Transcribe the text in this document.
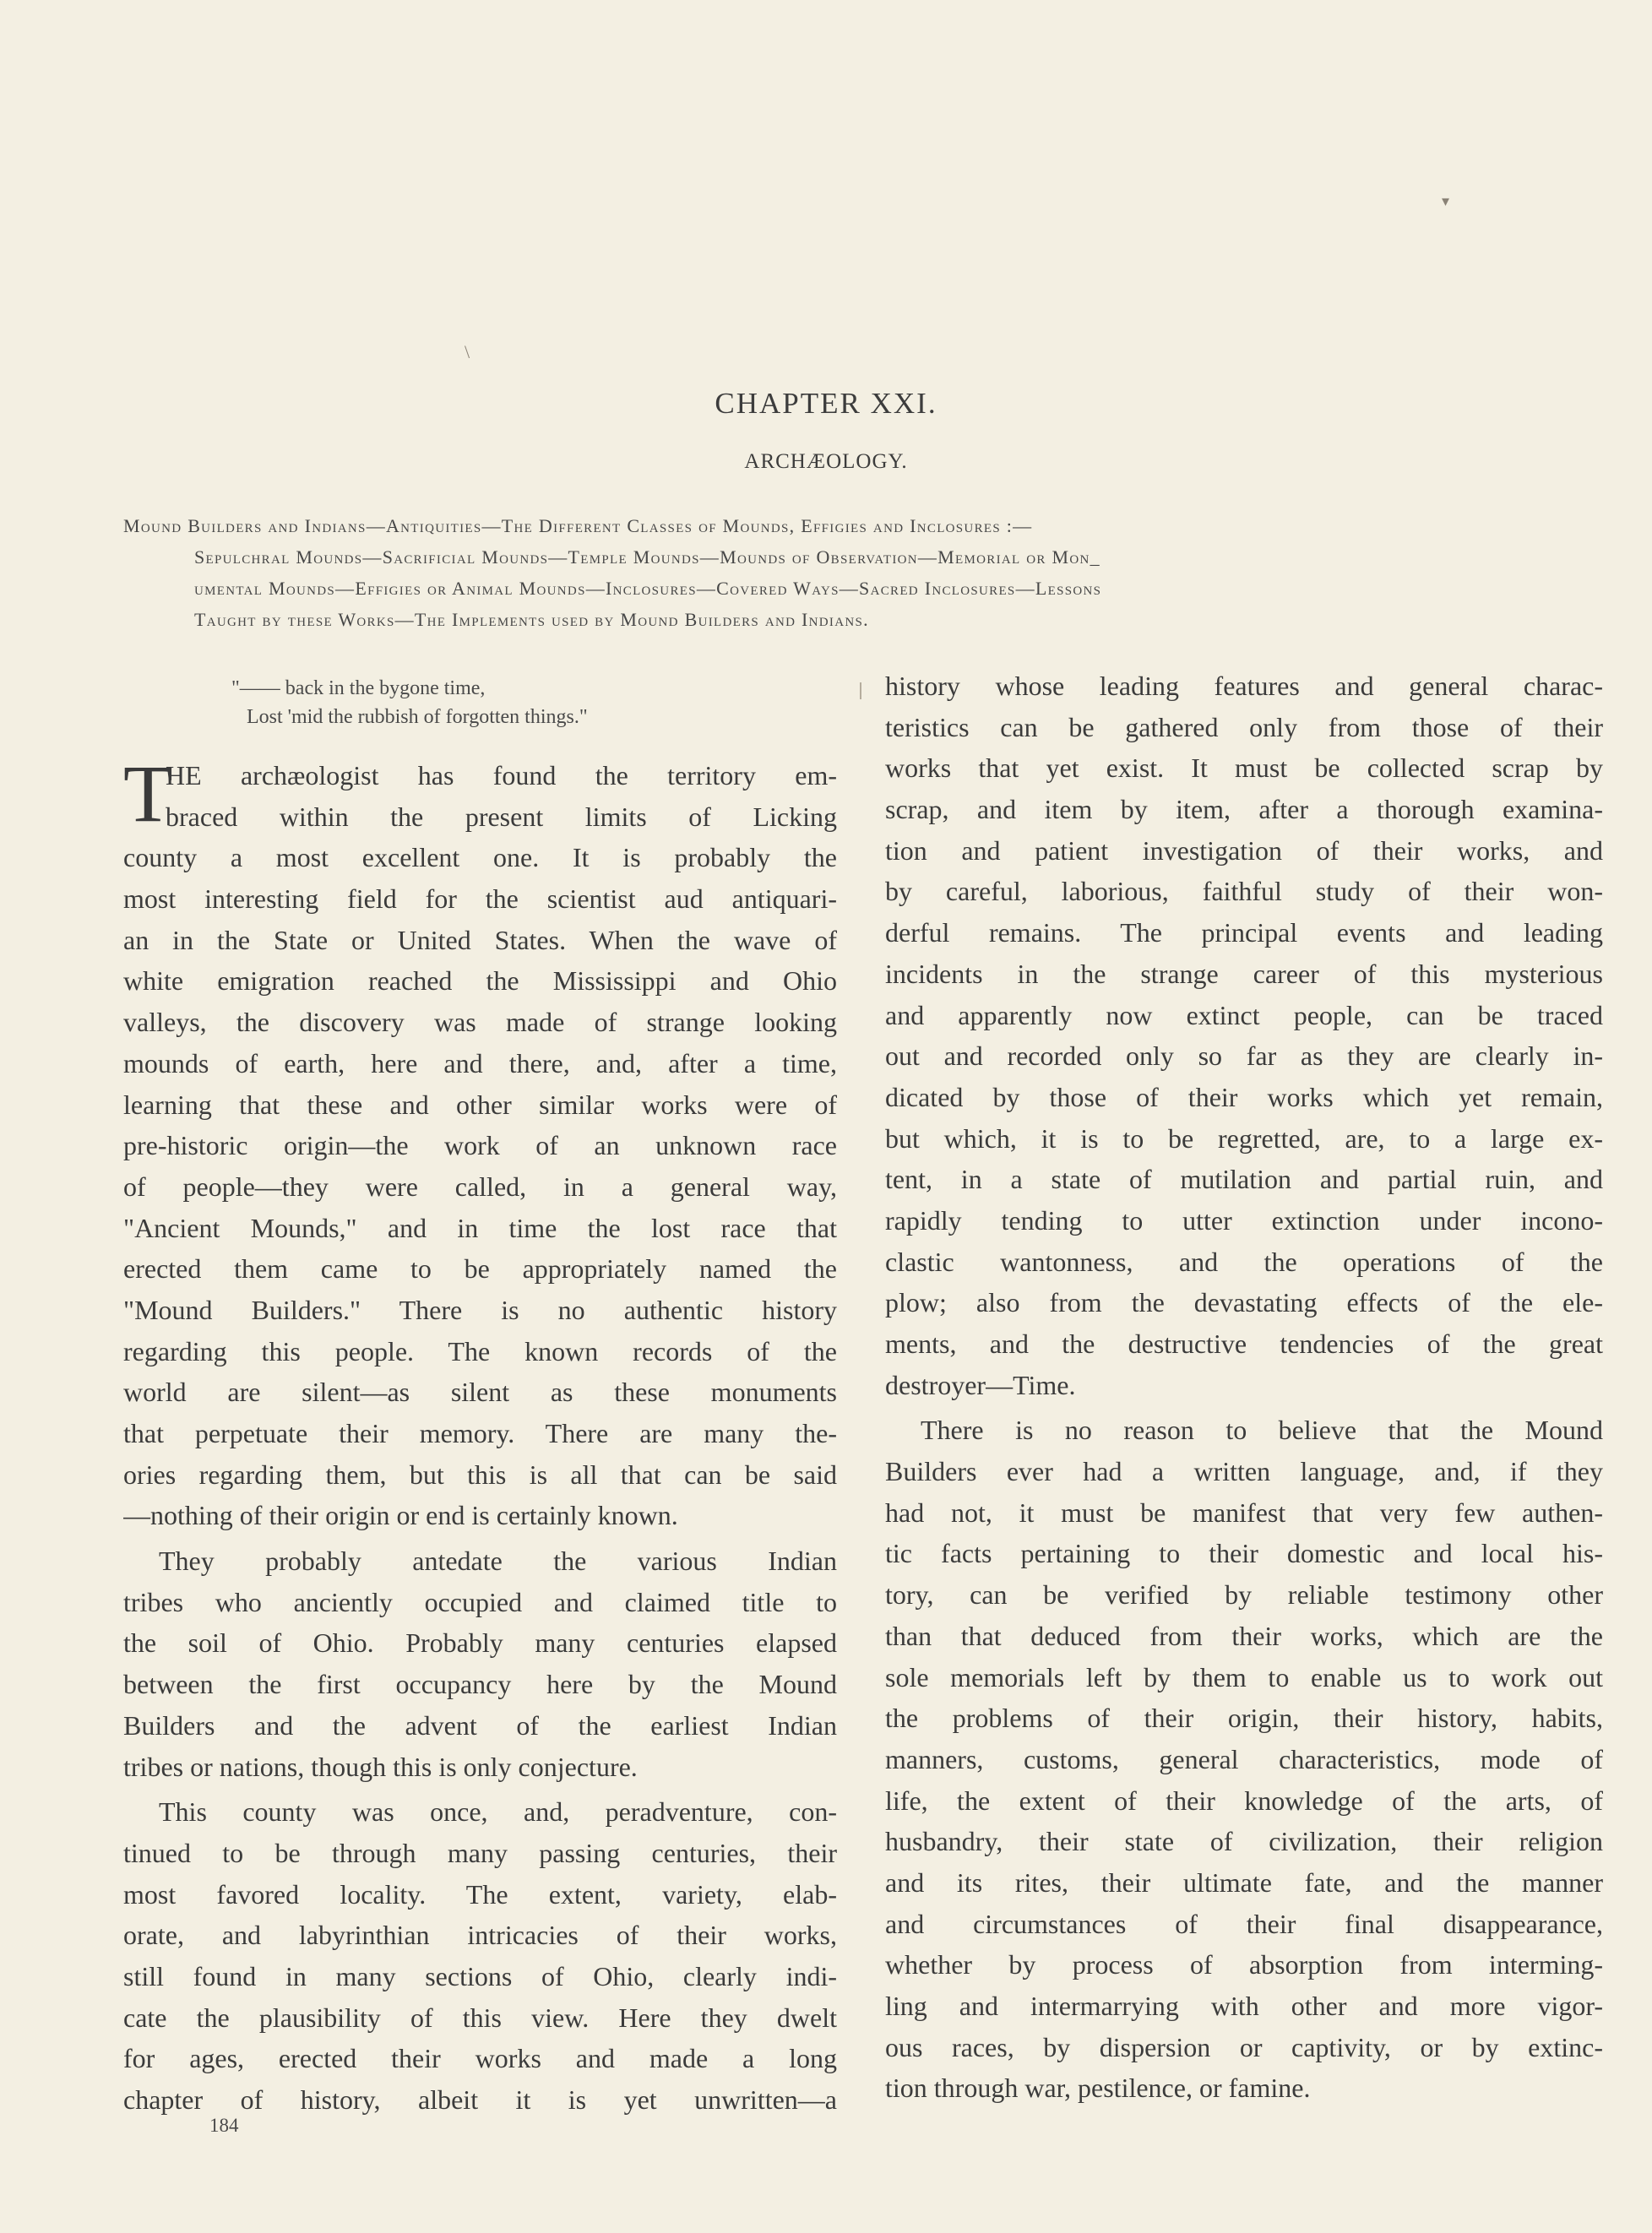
▾
\
CHAPTER XXI.
ARCHÆOLOGY.
Mound Builders and Indians—Antiquities—The Different Classes of Mounds, Effigies and Inclosures :—
Sepulchral Mounds—Sacrificial Mounds—Temple Mounds—Mounds of Observation—Memorial or Mon_
umental Mounds—Effigies or Animal Mounds—Inclosures—Covered Ways—Sacred Inclosures—Lessons
Taught by these Works—The Implements used by Mound Builders and Indians.
"—— back in the bygone time,
Lost 'mid the rubbish of forgotten things."
T
HE archæologist has found the territory em-
braced within the present limits of Licking
county a most excellent one. It is probably the
most interesting field for the scientist aud antiquari-
an in the State or United States. When the wave of
white emigration reached the Mississippi and Ohio
valleys, the discovery was made of strange looking
mounds of earth, here and there, and, after a time,
learning that these and other similar works were of
pre-historic origin—the work of an unknown race
of people—they were called, in a general way,
"Ancient Mounds," and in time the lost race that
erected them came to be appropriately named the
"Mound Builders." There is no authentic history
regarding this people. The known records of the
world are silent—as silent as these monuments
that perpetuate their memory. There are many the-
ories regarding them, but this is all that can be said
—nothing of their origin or end is certainly known.
They probably antedate the various Indian
tribes who anciently occupied and claimed title to
the soil of Ohio. Probably many centuries elapsed
between the first occupancy here by the Mound
Builders and the advent of the earliest Indian
tribes or nations, though this is only conjecture.
This county was once, and, peradventure, con-
tinued to be through many passing centuries, their
most favored locality. The extent, variety, elab-
orate, and labyrinthian intricacies of their works,
still found in many sections of Ohio, clearly indi-
cate the plausibility of this view. Here they dwelt
for ages, erected their works and made a long
chapter of history, albeit it is yet unwritten—a
history whose leading features and general charac-
teristics can be gathered only from those of their
works that yet exist. It must be collected scrap by
scrap, and item by item, after a thorough examina-
tion and patient investigation of their works, and
by careful, laborious, faithful study of their won-
derful remains. The principal events and leading
incidents in the strange career of this mysterious
and apparently now extinct people, can be traced
out and recorded only so far as they are clearly in-
dicated by those of their works which yet remain,
but which, it is to be regretted, are, to a large ex-
tent, in a state of mutilation and partial ruin, and
rapidly tending to utter extinction under incono-
clastic wantonness, and the operations of the
plow; also from the devastating effects of the ele-
ments, and the destructive tendencies of the great
destroyer—Time.
There is no reason to believe that the Mound
Builders ever had a written language, and, if they
had not, it must be manifest that very few authen-
tic facts pertaining to their domestic and local his-
tory, can be verified by reliable testimony other
than that deduced from their works, which are the
sole memorials left by them to enable us to work out
the problems of their origin, their history, habits,
manners, customs, general characteristics, mode of
life, the extent of their knowledge of the arts, of
husbandry, their state of civilization, their religion
and its rites, their ultimate fate, and the manner
and circumstances of their final disappearance,
whether by process of absorption from interming-
ling and intermarrying with other and more vigor-
ous races, by dispersion or captivity, or by extinc-
tion through war, pestilence, or famine.
184
